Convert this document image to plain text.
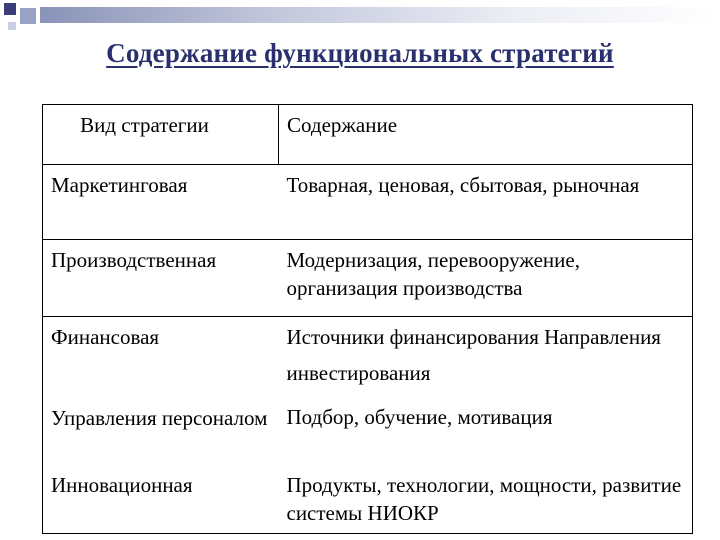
Содержание функциональных стратегий
Вид стратегии	Содержание
Маркетинговая	Товарная, ценовая, сбытовая, рыночная
Производственная	Модернизация, перевооружение, организация производства
Финансовая	Источники финансирования Направления инвестирования
Управления персоналом	Подбор, обучение, мотивация
Инновационная	Продукты, технологии, мощности, развитие системы НИОКР
